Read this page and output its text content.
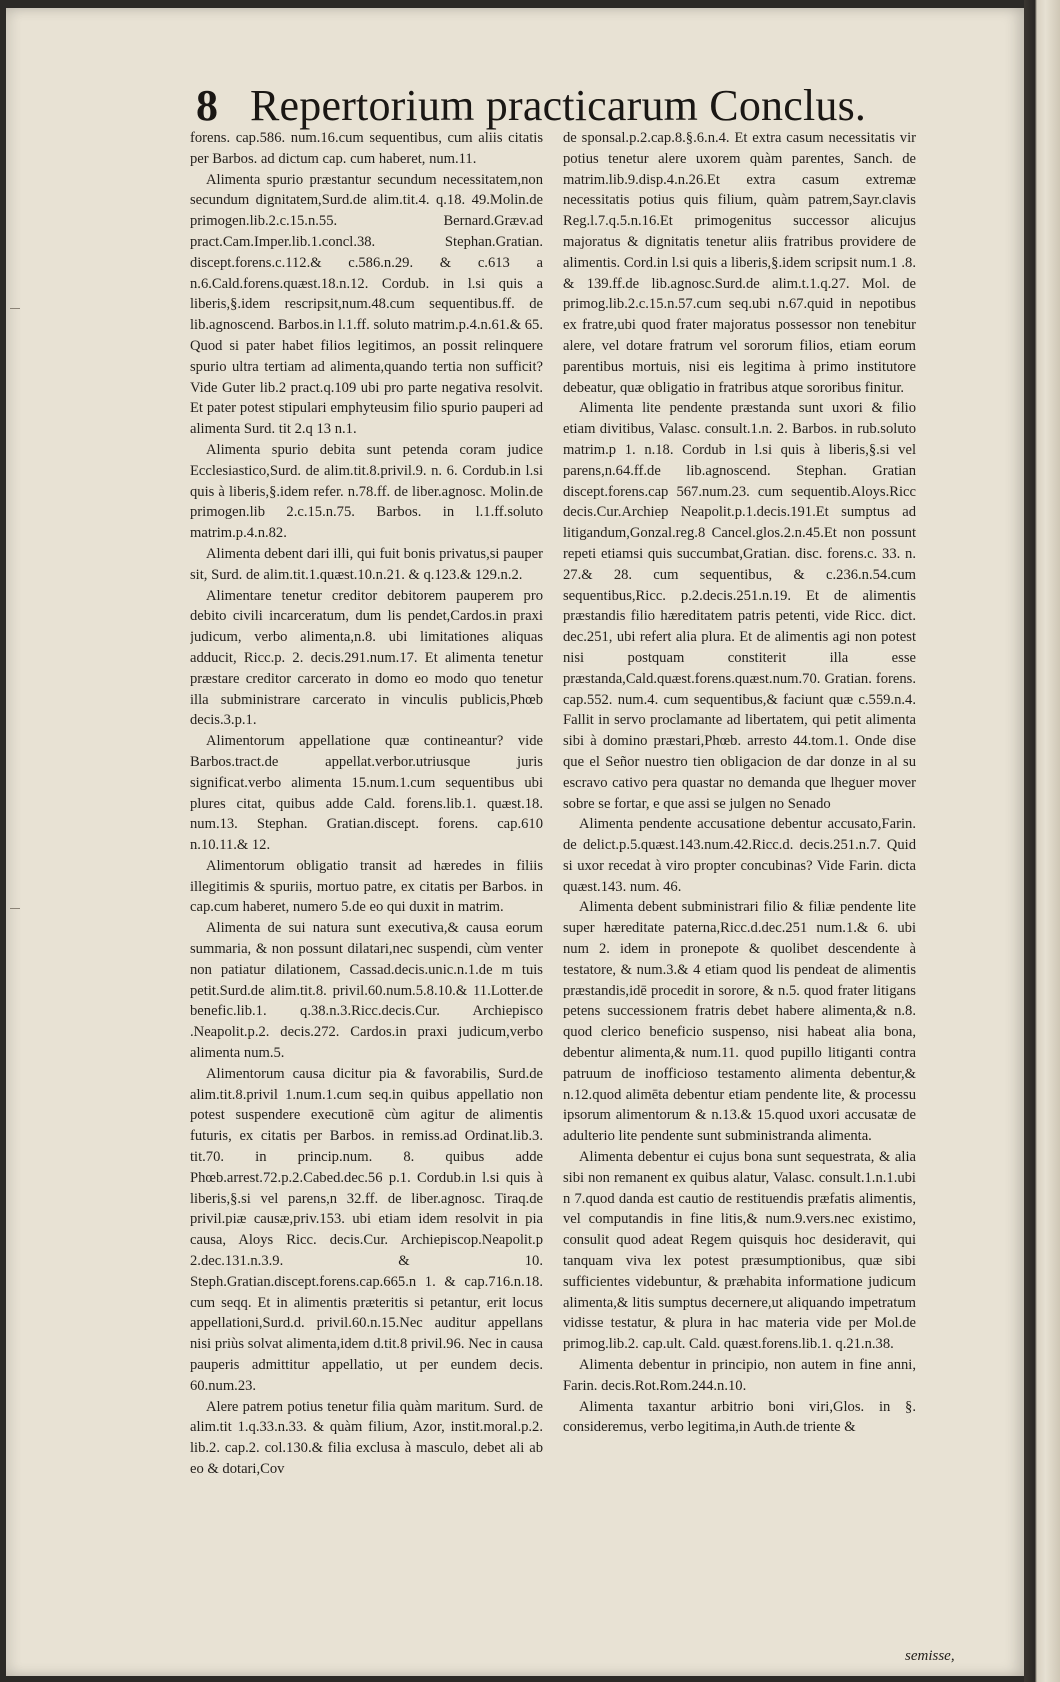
8 Repertorium practicarum Conclus.

forens. cap.586. num.16.cum sequentibus, cum aliis citatis per Barbos. ad dictum cap. cum haberet, num.11.

Alimenta spurio præstantur secundum necessitatem,non secundum dignitatem,Surd.de alim.tit.4. q.18. 49.Molin.de primogen.lib.2.c.15.n.55. Bernard.Græv.ad pract.Cam.Imper.lib.1.concl.38. Stephan.Gratian. discept.forens.c.112.& c.586.n.29. & c.613 a n.6.Cald.forens.quæst.18.n.12. Cordub. in l.si quis a liberis,§.idem rescripsit,num.48.cum sequentibus.ff. de lib.agnoscend. Barbos.in l.1.ff. soluto matrim.p.4.n.61.& 65. Quod si pater habet filios legitimos, an possit relinquere spurio ultra tertiam ad alimenta,quando tertia non sufficit? Vide Guter lib.2 pract.q.109 ubi pro parte negativa resolvit. Et pater potest stipulari emphyteusim filio spurio pauperi ad alimenta Surd. tit 2.q 13 n.1.

Alimenta spurio debita sunt petenda coram judice Ecclesiastico,Surd. de alim.tit.8.privil.9. n. 6. Cordub.in l.si quis à liberis,§.idem refer. n.78.ff. de liber.agnosc. Molin.de primogen.lib 2.c.15.n.75. Barbos. in l.1.ff.soluto matrim.p.4.n.82.

Alimenta debent dari illi, qui fuit bonis privatus,si pauper sit, Surd. de alim.tit.1.quæst.10.n.21. & q.123.& 129.n.2.

Alimentare tenetur creditor debitorem pauperem pro debito civili incarceratum, dum lis pendet,Cardos.in praxi judicum, verbo alimenta,n.8. ubi limitationes aliquas adducit, Ricc.p. 2. decis.291.num.17. Et alimenta tenetur præstare creditor carcerato in domo eo modo quo tenetur illa subministrare carcerato in vinculis publicis,Phœb decis.3.p.1.

Alimentorum appellatione quæ contineantur? vide Barbos.tract.de appellat.verbor.utriusque juris significat.verbo alimenta 15.num.1.cum sequentibus ubi plures citat, quibus adde Cald. forens.lib.1. quæst.18. num.13. Stephan. Gratian.discept. forens. cap.610 n.10.11.& 12.

Alimentorum obligatio transit ad hæredes in filiis illegitimis & spuriis, mortuo patre, ex citatis per Barbos. in cap.cum haberet, numero 5.de eo qui duxit in matrim.

Alimenta de sui natura sunt executiva,& causa eorum summaria, & non possunt dilatari,nec suspendi, cùm venter non patiatur dilationem, Cassad.decis.unic.n.1.de m tuis petit.Surd.de alim.tit.8. privil.60.num.5.8.10.& 11.Lotter.de benefic.lib.1. q.38.n.3.Ricc.decis.Cur. Archiepisco .Neapolit.p.2. decis.272. Cardos.in praxi judicum,verbo alimenta num.5.

Alimentorum causa dicitur pia & favorabilis, Surd.de alim.tit.8.privil 1.num.1.cum seq.in quibus appellatio non potest suspendere executionē cùm agitur de alimentis futuris, ex citatis per Barbos. in remiss.ad Ordinat.lib.3. tit.70. in princip.num. 8. quibus adde Phœb.arrest.72.p.2.Cabed.dec.56 p.1. Cordub.in l.si quis à liberis,§.si vel parens,n 32.ff. de liber.agnosc. Tiraq.de privil.piæ causæ,priv.153. ubi etiam idem resolvit in pia causa, Aloys Ricc. decis.Cur. Archiepiscop.Neapolit.p 2.dec.131.n.3.9. & 10. Steph.Gratian.discept.forens.cap.665.n 1. & cap.716.n.18. cum seqq. Et in alimentis præteritis si petantur, erit locus appellationi,Surd.d. privil.60.n.15.Nec auditur appellans nisi priùs solvat alimenta,idem d.tit.8 privil.96. Nec in causa pauperis admittitur appellatio, ut per eundem decis. 60.num.23.

Alere patrem potius tenetur filia quàm maritum. Surd. de alim.tit 1.q.33.n.33. & quàm filium, Azor, instit.moral.p.2. lib.2. cap.2. col.130.& filia exclusa à masculo, debet ali ab eo & dotari,Cov

de sponsal.p.2.cap.8.§.6.n.4. Et extra casum necessitatis vir potius tenetur alere uxorem quàm parentes, Sanch. de matrim.lib.9.disp.4.n.26.Et extra casum extremæ necessitatis potius quis filium, quàm patrem,Sayr.clavis Reg.l.7.q.5.n.16.Et primogenitus successor alicujus majoratus & dignitatis tenetur aliis fratribus providere de alimentis. Cord.in l.si quis a liberis,§.idem scripsit num.1 .8. & 139.ff.de lib.agnosc.Surd.de alim.t.1.q.27. Mol. de primog.lib.2.c.15.n.57.cum seq.ubi n.67.quid in nepotibus ex fratre,ubi quod frater majoratus possessor non tenebitur alere, vel dotare fratrum vel sororum filios, etiam eorum parentibus mortuis, nisi eis legitima à primo institutore debeatur, quæ obligatio in fratribus atque sororibus finitur.

Alimenta lite pendente præstanda sunt uxori & filio etiam divitibus, Valasc. consult.1.n. 2. Barbos. in rub.soluto matrim.p 1. n.18. Cordub in l.si quis à liberis,§.si vel parens,n.64.ff.de lib.agnoscend. Stephan. Gratian discept.forens.cap 567.num.23. cum sequentib.Aloys.Ricc decis.Cur.Archiep Neapolit.p.1.decis.191.Et sumptus ad litigandum,Gonzal.reg.8 Cancel.glos.2.n.45.Et non possunt repeti etiamsi quis succumbat,Gratian. disc. forens.c. 33. n. 27.& 28. cum sequentibus, & c.236.n.54.cum sequentibus,Ricc. p.2.decis.251.n.19. Et de alimentis præstandis filio hæreditatem patris petenti, vide Ricc. dict. dec.251, ubi refert alia plura. Et de alimentis agi non potest nisi postquam constiterit illa esse præstanda,Cald.quæst.forens.quæst.num.70. Gratian. forens. cap.552. num.4. cum sequentibus,& faciunt quæ c.559.n.4. Fallit in servo proclamante ad libertatem, qui petit alimenta sibi à domino præstari,Phœb. arresto 44.tom.1. Onde dise que el Señor nuestro tien obligacion de dar donze in al su escravo cativo pera quastar no demanda que lheguer mover sobre se fortar, e que assi se julgen no Senado

Alimenta pendente accusatione debentur accusato,Farin. de delict.p.5.quæst.143.num.42.Ricc.d. decis.251.n.7. Quid si uxor recedat à viro propter concubinas? Vide Farin. dicta quæst.143. num. 46.

Alimenta debent subministrari filio & filiæ pendente lite super hæreditate paterna,Ricc.d.dec.251 num.1.& 6. ubi num 2. idem in pronepote & quolibet descendente à testatore, & num.3.& 4 etiam quod lis pendeat de alimentis præstandis,idē procedit in sorore, & n.5. quod frater litigans petens successionem fratris debet habere alimenta,& n.8. quod clerico beneficio suspenso, nisi habeat alia bona, debentur alimenta,& num.11. quod pupillo litiganti contra patruum de inofficioso testamento alimenta debentur,& n.12.quod alimēta debentur etiam pendente lite, & processu ipsorum alimentorum & n.13.& 15.quod uxori accusatæ de adulterio lite pendente sunt subministranda alimenta.

Alimenta debentur ei cujus bona sunt sequestrata, & alia sibi non remanent ex quibus alatur, Valasc. consult.1.n.1.ubi n 7.quod danda est cautio de restituendis præfatis alimentis, vel computandis in fine litis,& num.9.vers.nec existimo, consulit quod adeat Regem quisquis hoc desideravit, qui tanquam viva lex potest præsumptionibus, quæ sibi sufficientes videbuntur, & præhabita informatione judicum alimenta,& litis sumptus decernere,ut aliquando impetratum vidisse testatur, & plura in hac materia vide per Mol.de primog.lib.2. cap.ult. Cald. quæst.forens.lib.1. q.21.n.38.

Alimenta debentur in principio, non autem in fine anni, Farin. decis.Rot.Rom.244.n.10.

Alimenta taxantur arbitrio boni viri,Glos. in §. consideremus, verbo legitima,in Auth.de triente &

semisse,
